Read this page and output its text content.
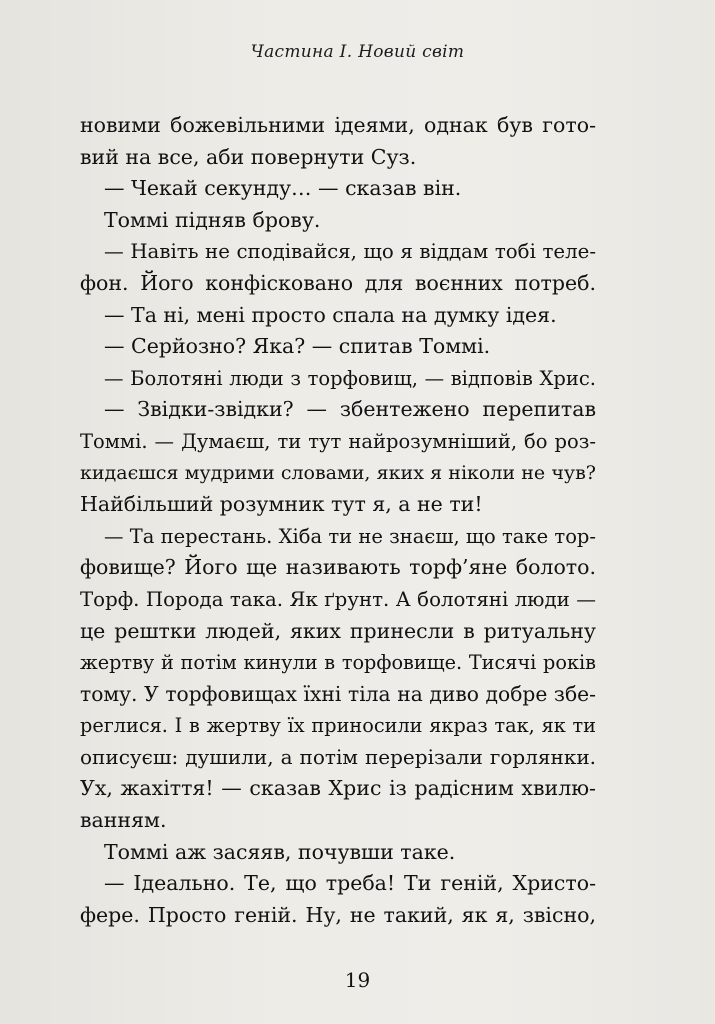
Частина I. Новий світ
новими божевільними ідеями, однак був гото-
вий на все, аби повернути Суз.
— Чекай секунду… — сказав він.
Томмі підняв брову.
— Навіть не сподівайся, що я віддам тобі теле-
фон. Його конфісковано для воєнних потреб.
— Та ні, мені просто спала на думку ідея.
— Серйозно? Яка? — спитав Томмі.
— Болотяні люди з торфовищ, — відповів Хрис.
— Звідки-звідки? — збентежено перепитав
Томмі. — Думаєш, ти тут найрозумніший, бо роз-
кидаєшся мудрими словами, яких я ніколи не чув?
Найбільший розумник тут я, а не ти!
— Та перестань. Хіба ти не знаєш, що таке тор-
фовище? Його ще називають торф’яне болото.
Торф. Порода така. Як ґрунт. А болотяні люди —
це рештки людей, яких принесли в ритуальну
жертву й потім кинули в торфовище. Тисячі років
тому. У торфовищах їхні тіла на диво добре збе-
реглися. І в жертву їх приносили якраз так, як ти
описуєш: душили, а потім перерізали горлянки.
Ух, жахіття! — сказав Хрис із радісним хвилю-
ванням.
Томмі аж засяяв, почувши таке.
— Ідеально. Те, що треба! Ти геній, Христо-
фере. Просто геній. Ну, не такий, як я, звісно,
19
